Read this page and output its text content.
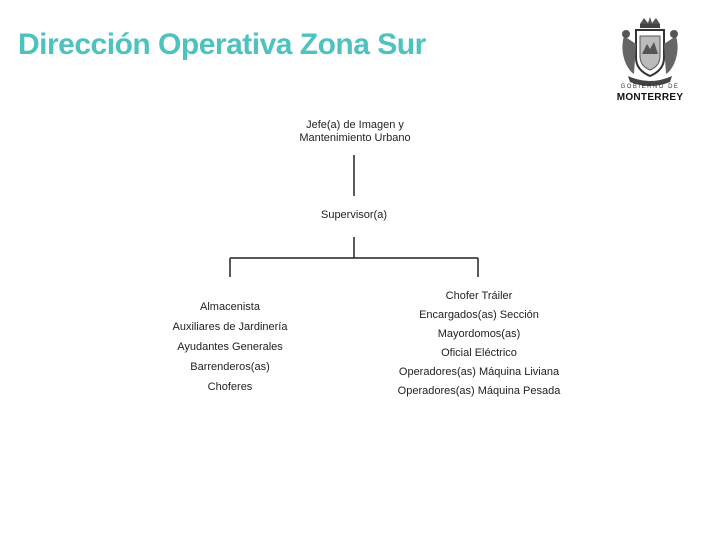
Dirección Operativa Zona Sur
GOBIERNO DE
MONTERREY
Jefe(a) de Imagen y
Mantenimiento Urbano
Supervisor(a)
Almacenista
Auxiliares de Jardinería
Ayudantes Generales
Barrenderos(as)
Choferes
Chofer Tráiler
Encargados(as) Sección
Mayordomos(as)
Oficial Eléctrico
Operadores(as) Máquina Liviana
Operadores(as) Máquina Pesada
